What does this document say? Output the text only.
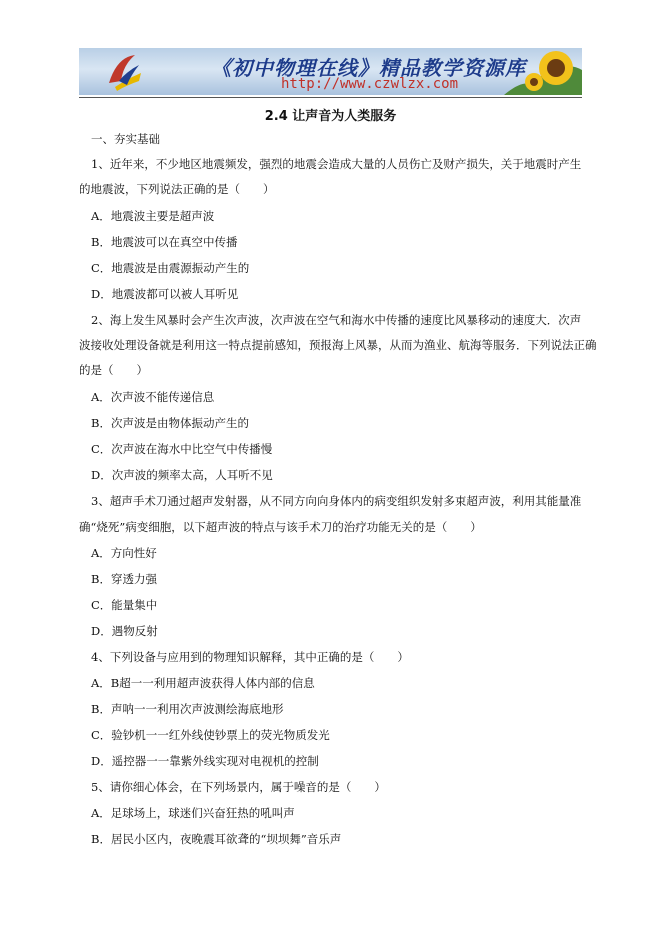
《初中物理在线》精品教学资源库
http://www.czwlzx.com
2.4 让声音为人类服务
一、夯实基础
1、近年来，不少地区地震频发，强烈的地震会造成大量的人员伤亡及财产损失，关于地震时产生
的地震波，下列说法正确的是（　　）
A．地震波主要是超声波
B．地震波可以在真空中传播
C．地震波是由震源振动产生的
D．地震波都可以被人耳听见
2、海上发生风暴时会产生次声波，次声波在空气和海水中传播的速度比风暴移动的速度大．次声
波接收处理设备就是利用这一特点提前感知，预报海上风暴，从而为渔业、航海等服务．下列说法正确
的是（　　）
A．次声波不能传递信息
B．次声波是由物体振动产生的
C．次声波在海水中比空气中传播慢
D．次声波的频率太高，人耳听不见
3、超声手术刀通过超声发射器，从不同方向向身体内的病变组织发射多束超声波，利用其能量准
确“烧死”病变细胞，以下超声波的特点与该手术刀的治疗功能无关的是（　　）
A．方向性好
B．穿透力强
C．能量集中
D．遇物反射
4、下列设备与应用到的物理知识解释，其中正确的是（　　）
A．B超一一利用超声波获得人体内部的信息
B．声呐一一利用次声波测绘海底地形
C．验钞机一一红外线使钞票上的荧光物质发光
D．遥控器一一靠紫外线实现对电视机的控制
5、请你细心体会，在下列场景内，属于噪音的是（　　）
A．足球场上，球迷们兴奋狂热的吼叫声
B．居民小区内，夜晚震耳欲聋的“坝坝舞”音乐声
